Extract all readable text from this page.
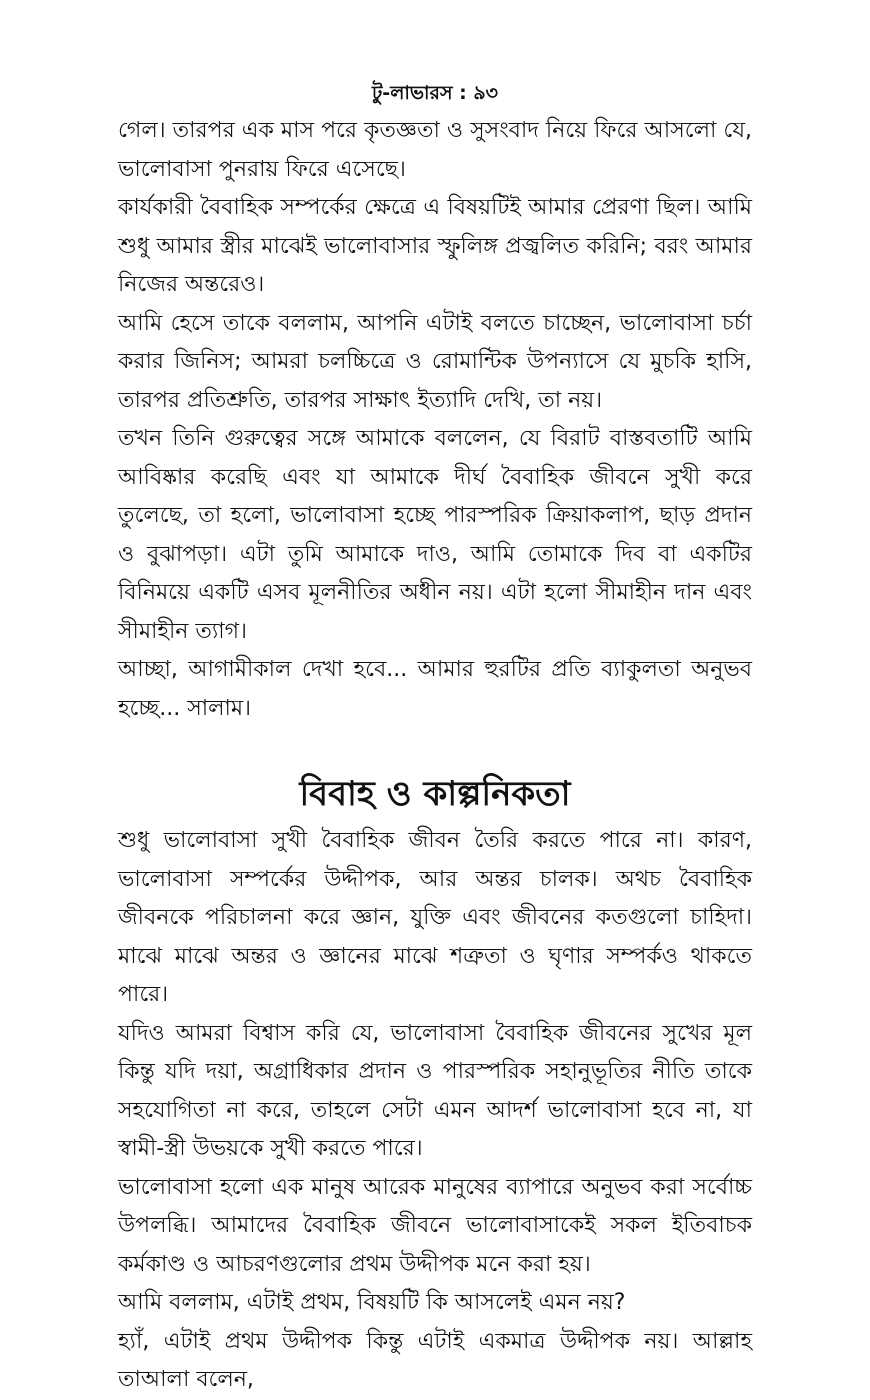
টু-লাভারস : ৯৩

গেল। তারপর এক মাস পরে কৃতজ্ঞতা ও সুসংবাদ নিয়ে ফিরে আসলো যে, ভালোবাসা পুনরায় ফিরে এসেছে।

কার্যকারী বৈবাহিক সম্পর্কের ক্ষেত্রে এ বিষয়টিই আমার প্রেরণা ছিল। আমি শুধু আমার স্ত্রীর মাঝেই ভালোবাসার স্ফুলিঙ্গ প্রজ্বলিত করিনি; বরং আমার নিজের অন্তরেও।

আমি হেসে তাকে বললাম, আপনি এটাই বলতে চাচ্ছেন, ভালোবাসা চর্চা করার জিনিস; আমরা চলচ্চিত্রে ও রোমান্টিক উপন্যাসে যে মুচকি হাসি, তারপর প্রতিশ্রুতি, তারপর সাক্ষাৎ ইত্যাদি দেখি, তা নয়।

তখন তিনি গুরুত্বের সঙ্গে আমাকে বললেন, যে বিরাট বাস্তবতাটি আমি আবিষ্কার করেছি এবং যা আমাকে দীর্ঘ বৈবাহিক জীবনে সুখী করে তুলেছে, তা হলো, ভালোবাসা হচ্ছে পারস্পরিক ক্রিয়াকলাপ, ছাড় প্রদান ও বুঝাপড়া। এটা তুমি আমাকে দাও, আমি তোমাকে দিব বা একটির বিনিময়ে একটি এসব মূলনীতির অধীন নয়। এটা হলো সীমাহীন দান এবং সীমাহীন ত্যাগ।

আচ্ছা, আগামীকাল দেখা হবে... আমার হুরটির প্রতি ব্যাকুলতা অনুভব হচ্ছে... সালাম।

বিবাহ ও কাল্পনিকতা

শুধু ভালোবাসা সুখী বৈবাহিক জীবন তৈরি করতে পারে না। কারণ, ভালোবাসা সম্পর্কের উদ্দীপক, আর অন্তর চালক। অথচ বৈবাহিক জীবনকে পরিচালনা করে জ্ঞান, যুক্তি এবং জীবনের কতগুলো চাহিদা। মাঝে মাঝে অন্তর ও জ্ঞানের মাঝে শত্রুতা ও ঘৃণার সম্পর্কও থাকতে পারে।

যদিও আমরা বিশ্বাস করি যে, ভালোবাসা বৈবাহিক জীবনের সুখের মূল কিন্তু যদি দয়া, অগ্রাধিকার প্রদান ও পারস্পরিক সহানুভূতির নীতি তাকে সহযোগিতা না করে, তাহলে সেটা এমন আদর্শ ভালোবাসা হবে না, যা স্বামী-স্ত্রী উভয়কে সুখী করতে পারে।

ভালোবাসা হলো এক মানুষ আরেক মানুষের ব্যাপারে অনুভব করা সর্বোচ্চ উপলব্ধি। আমাদের বৈবাহিক জীবনে ভালোবাসাকেই সকল ইতিবাচক কর্মকাণ্ড ও আচরণগুলোর প্রথম উদ্দীপক মনে করা হয়।

আমি বললাম, এটাই প্রথম, বিষয়টি কি আসলেই এমন নয়?

হ্যাঁ, এটাই প্রথম উদ্দীপক কিন্তু এটাই একমাত্র উদ্দীপক নয়। আল্লাহ তাআলা বলেন,
